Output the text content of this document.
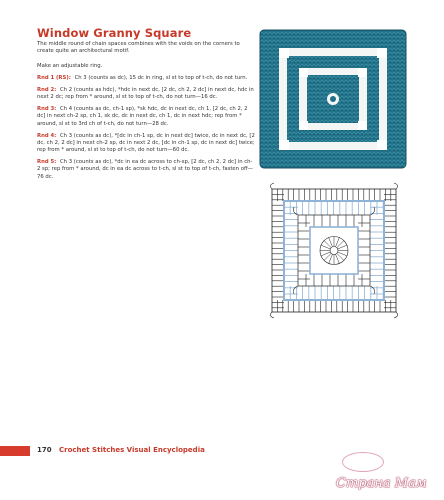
Window Granny Square
The middle round of chain spaces combines with the voids on the corners to create quite an architectural motif.
Make an adjustable ring.
Rnd 1 (RS): Ch 3 (counts as dc), 15 dc in ring, sl st to top of t-ch, do not turn.
Rnd 2: Ch 2 (counts as hdc), *hdc in next dc, [2 dc, ch 2, 2 dc] in next dc, hdc in next 2 dc; rep from * around, sl st to top of t-ch, do not turn—16 dc.
Rnd 3: Ch 4 (counts as dc, ch-1 sp), *sk hdc, dc in next dc, ch 1, [2 dc, ch 2, 2 dc] in next ch-2 sp, ch 1, sk dc, dc in next dc, ch 1, dc in next hdc; rep from * around, sl st to 3rd ch of t-ch, do not turn—28 dc.
Rnd 4: Ch 3 (counts as dc), *[dc in ch-1 sp, dc in next dc] twice, dc in next dc, [2 dc, ch 2, 2 dc] in next ch-2 sp, dc in next 2 dc, [dc in ch-1 sp, dc in next dc] twice; rep from * around, sl st to top of t-ch, do not turn—60 dc.
Rnd 5: Ch 3 (counts as dc), *dc in ea dc across to ch-sp, [2 dc, ch 2, 2 dc] in ch-2 sp; rep from * around, dc in ea dc across to t-ch, sl st to top of t-ch, fasten off—76 dc.
170 Crochet Stitches Visual Encyclopedia
Страна Мам
